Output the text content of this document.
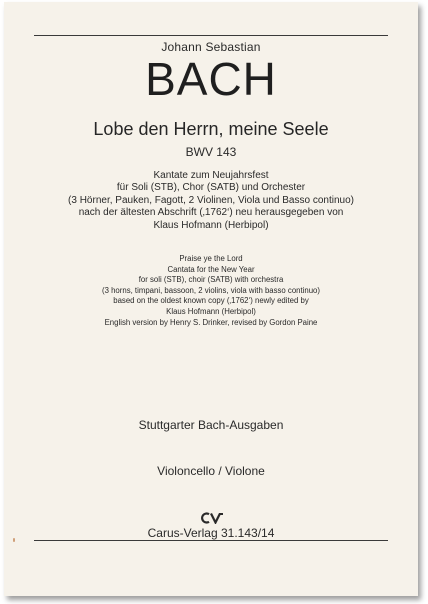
Johann Sebastian
BACH
Lobe den Herrn, meine Seele
BWV 143
Kantate zum Neujahrsfest
für Soli (STB), Chor (SATB) und Orchester
(3 Hörner, Pauken, Fagott, 2 Violinen, Viola und Basso continuo)
nach der ältesten Abschrift (‚1762‘) neu herausgegeben von
Klaus Hofmann (Herbipol)
Praise ye the Lord
Cantata for the New Year
for soli (STB), choir (SATB) with orchestra
(3 horns, timpani, bassoon, 2 violins, viola with basso continuo)
based on the oldest known copy (‚1762‘) newly edited by
Klaus Hofmann (Herbipol)
English version by Henry S. Drinker, revised by Gordon Paine
Stuttgarter Bach-Ausgaben
Violoncello / Violone
Carus-Verlag 31.143/14
